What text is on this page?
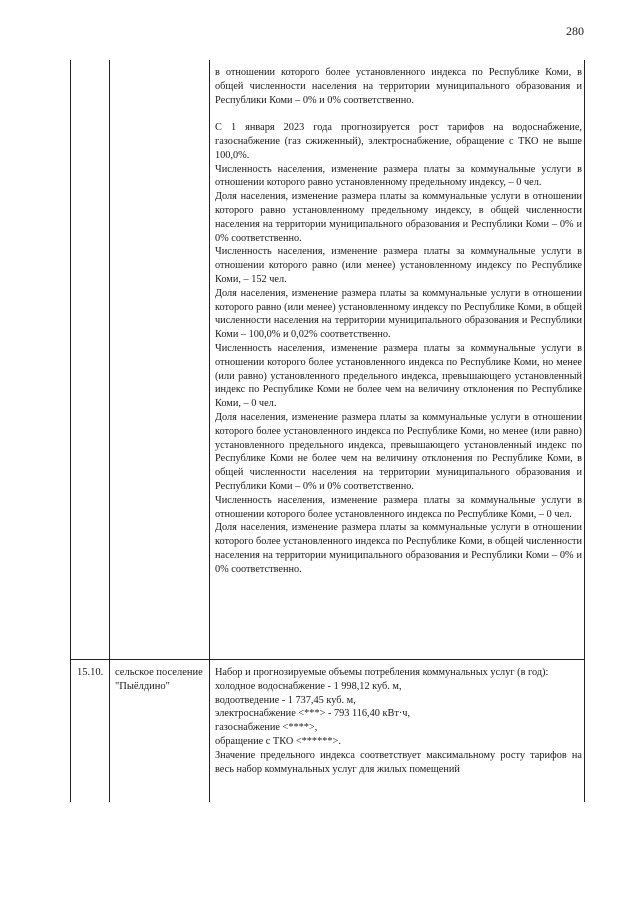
280

в отношении которого более установленного индекса по Республике Коми, в общей численности населения на территории муниципального образования и Республики Коми – 0% и 0% соответственно.

С 1 января 2023 года прогнозируется рост тарифов на водоснабжение, газоснабжение (газ сжиженный), электроснабжение, обращение с ТКО не выше 100,0%.

Численность населения, изменение размера платы за коммунальные услуги в отношении которого равно установленному предельному индексу, – 0 чел.

Доля населения, изменение размера платы за коммунальные услуги в отношении которого равно установленному предельному индексу, в общей численности населения на территории муниципального образования и Республики Коми – 0% и 0% соответственно.

Численность населения, изменение размера платы за коммунальные услуги в отношении которого равно (или менее) установленному индексу по Республике Коми, – 152 чел.

Доля населения, изменение размера платы за коммунальные услуги в отношении которого равно (или менее) установленному индексу по Республике Коми, в общей численности населения на территории муниципального образования и Республики Коми – 100,0% и 0,02% соответственно.

Численность населения, изменение размера платы за коммунальные услуги в отношении которого более установленного индекса по Республике Коми, но менее (или равно) установленного предельного индекса, превышающего установленный индекс по Республике Коми не более чем на величину отклонения по Республике Коми, – 0 чел.

Доля населения, изменение размера платы за коммунальные услуги в отношении которого более установленного индекса по Республике Коми, но менее (или равно) установленного предельного индекса, превышающего установленный индекс по Республике Коми не более чем на величину отклонения по Республике Коми, в общей численности населения на территории муниципального образования и Республики Коми – 0% и 0% соответственно.

Численность населения, изменение размера платы за коммунальные услуги в отношении которого более установленного индекса по Республике Коми, – 0 чел.

Доля населения, изменение размера платы за коммунальные услуги в отношении которого более установленного индекса по Республике Коми, в общей численности населения на территории муниципального образования и Республики Коми – 0% и 0% соответственно.

15.10. сельское поселение "Пыёлдино"

Набор и прогнозируемые объемы потребления коммунальных услуг (в год):

холодное водоснабжение - 1 998,12 куб. м,

водоотведение - 1 737,45 куб. м,

электроснабжение <***> - 793 116,40 кВт·ч,

газоснабжение <****>,

обращение с ТКО <******>.

Значение предельного индекса соответствует максимальному росту тарифов на весь набор коммунальных услуг для жилых помещений
